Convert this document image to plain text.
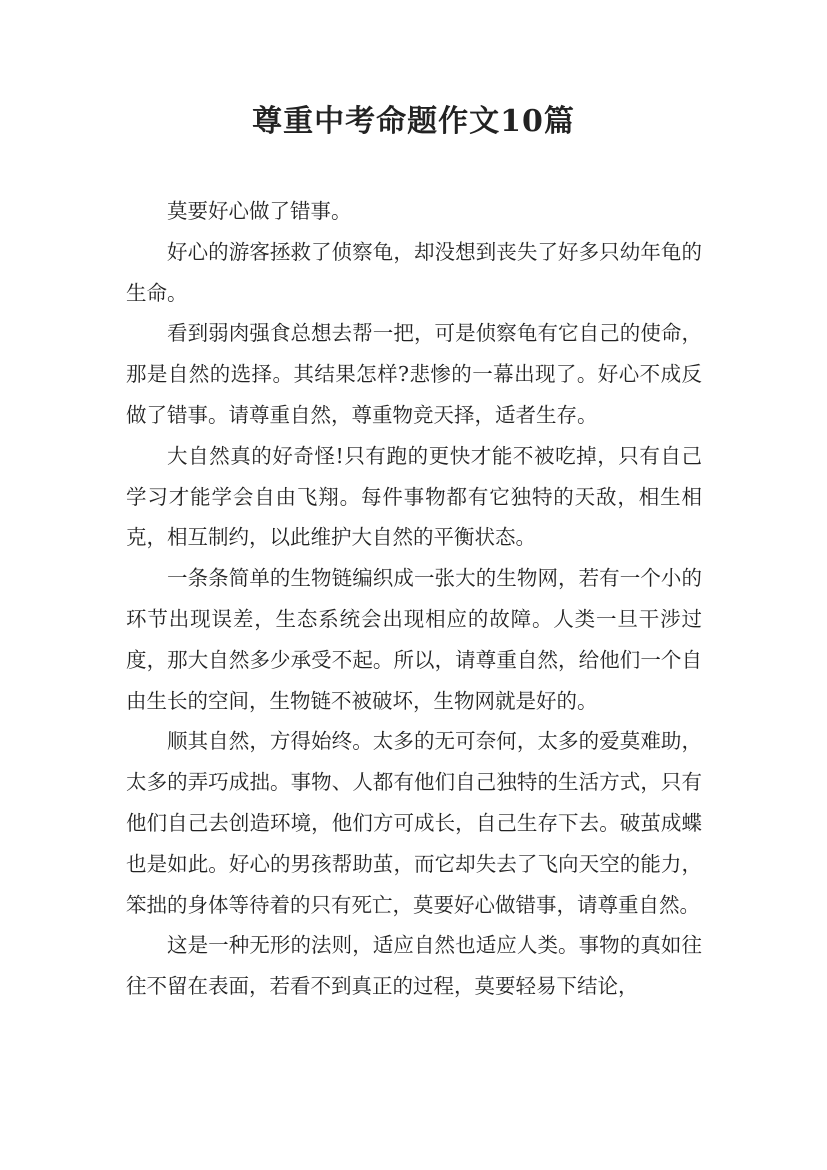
尊重中考命题作文10篇

莫要好心做了错事。

好心的游客拯救了侦察龟，却没想到丧失了好多只幼年龟的生命。

看到弱肉强食总想去帮一把，可是侦察龟有它自己的使命，那是自然的选择。其结果怎样?悲惨的一幕出现了。好心不成反做了错事。请尊重自然，尊重物竞天择，适者生存。

大自然真的好奇怪!只有跑的更快才能不被吃掉，只有自己学习才能学会自由飞翔。每件事物都有它独特的天敌，相生相克，相互制约，以此维护大自然的平衡状态。

一条条简单的生物链编织成一张大的生物网，若有一个小的环节出现误差，生态系统会出现相应的故障。人类一旦干涉过度，那大自然多少承受不起。所以，请尊重自然，给他们一个自由生长的空间，生物链不被破坏，生物网就是好的。

顺其自然，方得始终。太多的无可奈何，太多的爱莫难助，太多的弄巧成拙。事物、人都有他们自己独特的生活方式，只有他们自己去创造环境，他们方可成长，自己生存下去。破茧成蝶也是如此。好心的男孩帮助茧，而它却失去了飞向天空的能力，笨拙的身体等待着的只有死亡，莫要好心做错事，请尊重自然。

这是一种无形的法则，适应自然也适应人类。事物的真如往往不留在表面，若看不到真正的过程，莫要轻易下结论，
